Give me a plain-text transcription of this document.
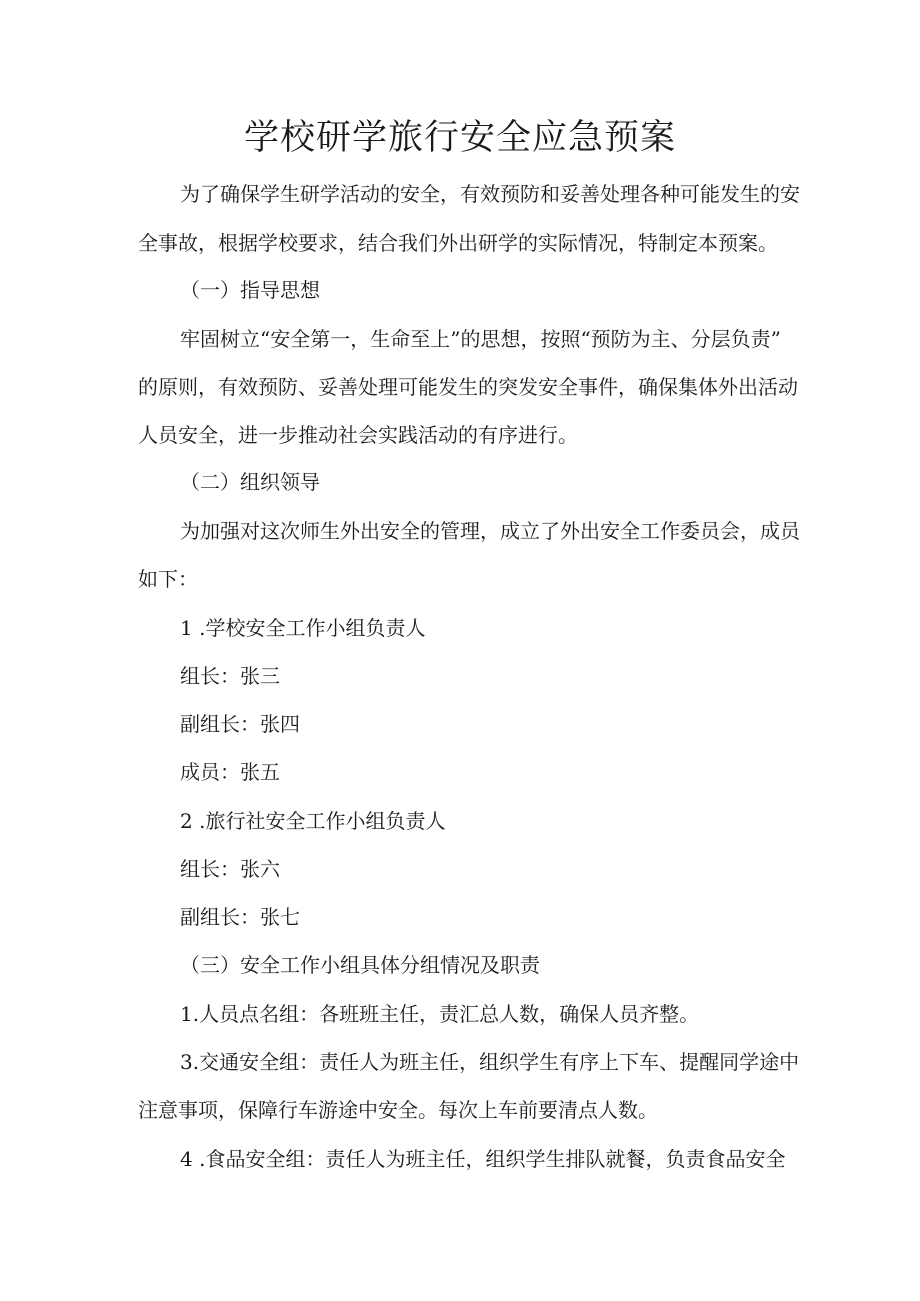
学校研学旅行安全应急预案

为了确保学生研学活动的安全，有效预防和妥善处理各种可能发生的安

全事故，根据学校要求，结合我们外出研学的实际情况，特制定本预案。

（一）指导思想

牢固树立“安全第一，生命至上”的思想，按照“预防为主、分层负责”

的原则，有效预防、妥善处理可能发生的突发安全事件，确保集体外出活动

人员安全，进一步推动社会实践活动的有序进行。

（二）组织领导

为加强对这次师生外出安全的管理，成立了外出安全工作委员会，成员

如下：

1 .学校安全工作小组负责人

组长：张三

副组长：张四

成员：张五

2 .旅行社安全工作小组负责人

组长：张六

副组长：张七

（三）安全工作小组具体分组情况及职责

1.人员点名组：各班班主任，责汇总人数，确保人员齐整。

3.交通安全组：责任人为班主任，组织学生有序上下车、提醒同学途中

注意事项，保障行车游途中安全。每次上车前要清点人数。

4 .食品安全组：责任人为班主任，组织学生排队就餐，负责食品安全
